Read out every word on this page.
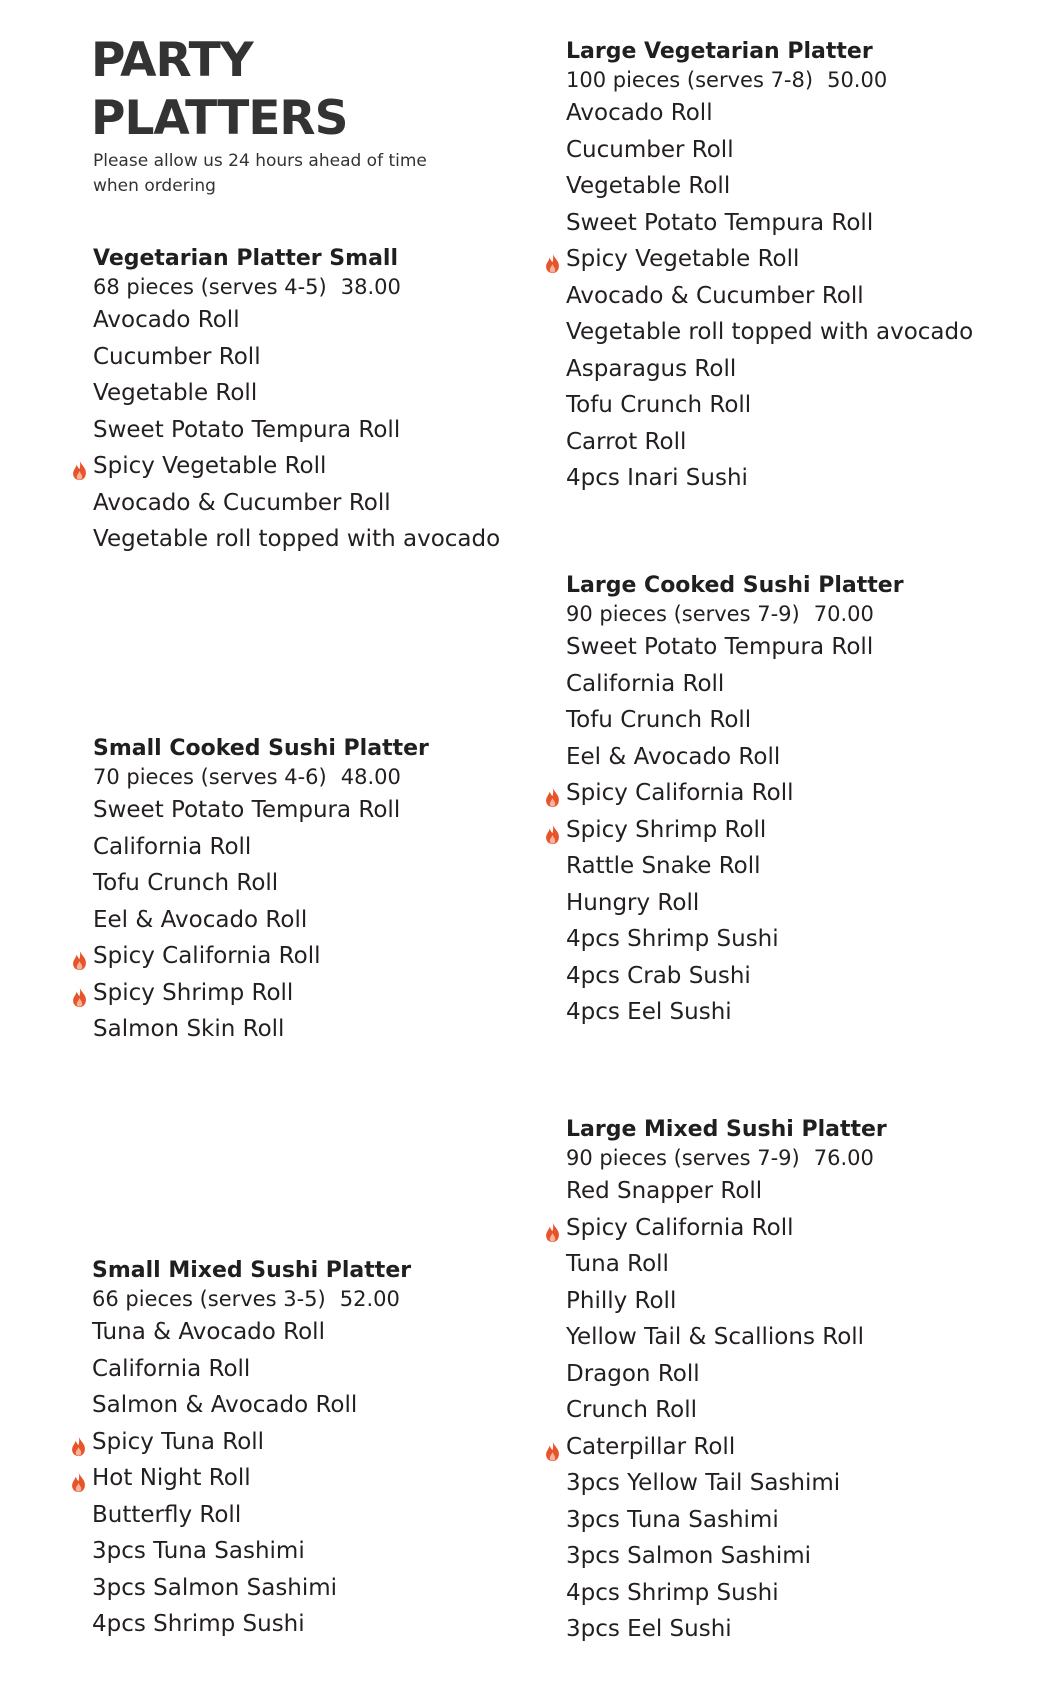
PARTY
PLATTERS
Please allow us 24 hours ahead of time when ordering
Vegetarian Platter Small
68 pieces (serves 4-5) 38.00
Avocado Roll
Cucumber Roll
Vegetable Roll
Sweet Potato Tempura Roll
Spicy Vegetable Roll
Avocado & Cucumber Roll
Vegetable roll topped with avocado
Small Cooked Sushi Platter
70 pieces (serves 4-6) 48.00
Sweet Potato Tempura Roll
California Roll
Tofu Crunch Roll
Eel & Avocado Roll
Spicy California Roll
Spicy Shrimp Roll
Salmon Skin Roll
Small Mixed Sushi Platter
66 pieces (serves 3-5) 52.00
Tuna & Avocado Roll
California Roll
Salmon & Avocado Roll
Spicy Tuna Roll
Hot Night Roll
Butterfly Roll
3pcs Tuna Sashimi
3pcs Salmon Sashimi
4pcs Shrimp Sushi
Large Vegetarian Platter
100 pieces (serves 7-8) 50.00
Avocado Roll
Cucumber Roll
Vegetable Roll
Sweet Potato Tempura Roll
Spicy Vegetable Roll
Avocado & Cucumber Roll
Vegetable roll topped with avocado
Asparagus Roll
Tofu Crunch Roll
Carrot Roll
4pcs Inari Sushi
Large Cooked Sushi Platter
90 pieces (serves 7-9) 70.00
Sweet Potato Tempura Roll
California Roll
Tofu Crunch Roll
Eel & Avocado Roll
Spicy California Roll
Spicy Shrimp Roll
Rattle Snake Roll
Hungry Roll
4pcs Shrimp Sushi
4pcs Crab Sushi
4pcs Eel Sushi
Large Mixed Sushi Platter
90 pieces (serves 7-9) 76.00
Red Snapper Roll
Spicy California Roll
Tuna Roll
Philly Roll
Yellow Tail & Scallions Roll
Dragon Roll
Crunch Roll
Caterpillar Roll
3pcs Yellow Tail Sashimi
3pcs Tuna Sashimi
3pcs Salmon Sashimi
4pcs Shrimp Sushi
3pcs Eel Sushi
